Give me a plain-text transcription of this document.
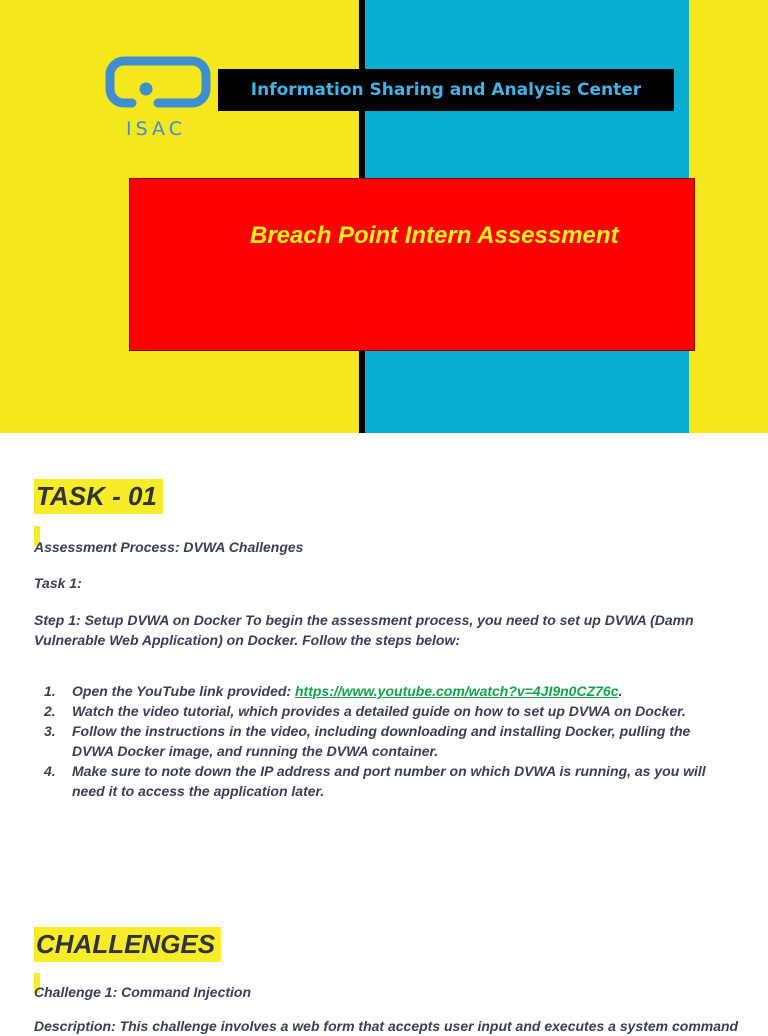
ISAC
Information Sharing and Analysis Center
Breach Point Intern Assessment
TASK - 01
Assessment Process: DVWA Challenges
Task 1:
Step 1: Setup DVWA on Docker To begin the assessment process, you need to set up DVWA (Damn Vulnerable Web Application) on Docker. Follow the steps below:
1. Open the YouTube link provided: https://www.youtube.com/watch?v=4JI9n0CZ76c.
2. Watch the video tutorial, which provides a detailed guide on how to set up DVWA on Docker.
3. Follow the instructions in the video, including downloading and installing Docker, pulling the DVWA Docker image, and running the DVWA container.
4. Make sure to note down the IP address and port number on which DVWA is running, as you will need it to access the application later.
CHALLENGES
Challenge 1: Command Injection
Description: This challenge involves a web form that accepts user input and executes a system command
